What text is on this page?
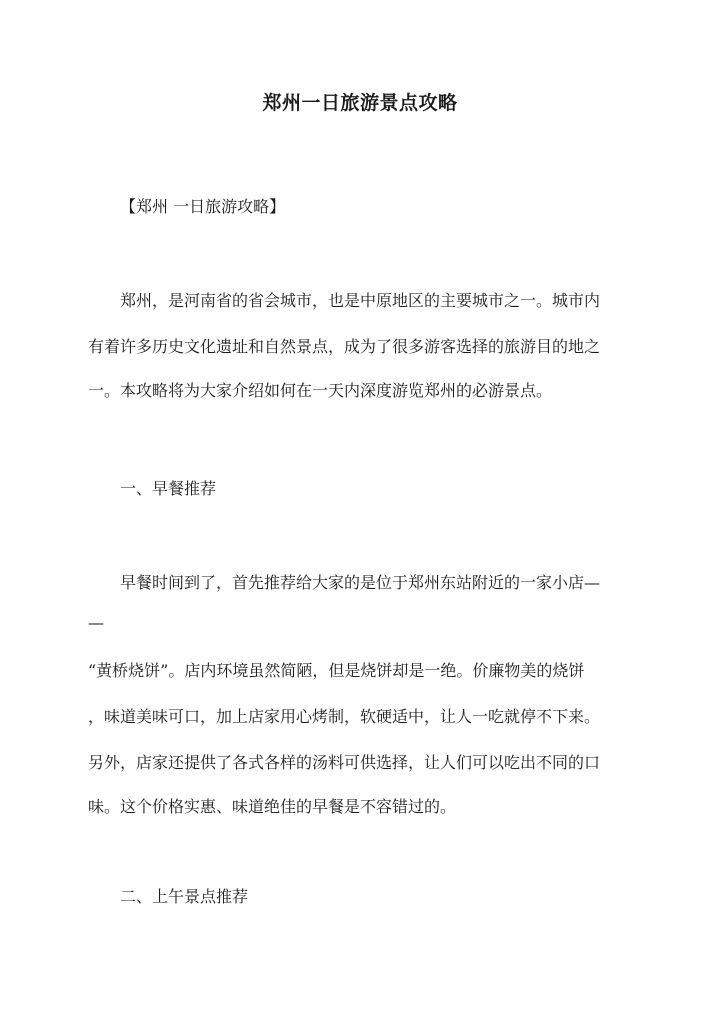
郑州一日旅游景点攻略

【郑州 一日旅游攻略】

郑州，是河南省的省会城市，也是中原地区的主要城市之一。城市内

有着许多历史文化遗址和自然景点，成为了很多游客选择的旅游目的地之

一。本攻略将为大家介绍如何在一天内深度游览郑州的必游景点。

一、早餐推荐

早餐时间到了，首先推荐给大家的是位于郑州东站附近的一家小店—

—

“黄桥烧饼”。店内环境虽然简陋，但是烧饼却是一绝。价廉物美的烧饼

，味道美味可口，加上店家用心烤制，软硬适中，让人一吃就停不下来。

另外，店家还提供了各式各样的汤料可供选择，让人们可以吃出不同的口

味。这个价格实惠、味道绝佳的早餐是不容错过的。

二、上午景点推荐
